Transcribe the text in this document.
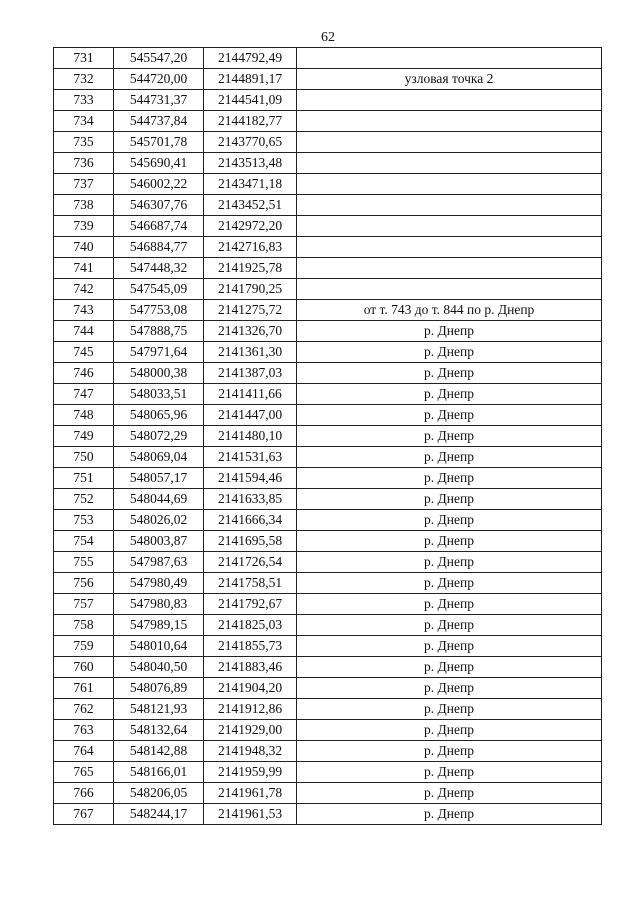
62
731	545547,20	2144792,49	
732	544720,00	2144891,17	узловая точка 2
733	544731,37	2144541,09	
734	544737,84	2144182,77	
735	545701,78	2143770,65	
736	545690,41	2143513,48	
737	546002,22	2143471,18	
738	546307,76	2143452,51	
739	546687,74	2142972,20	
740	546884,77	2142716,83	
741	547448,32	2141925,78	
742	547545,09	2141790,25	
743	547753,08	2141275,72	от т. 743 до т. 844 по р. Днепр
744	547888,75	2141326,70	р. Днепр
745	547971,64	2141361,30	р. Днепр
746	548000,38	2141387,03	р. Днепр
747	548033,51	2141411,66	р. Днепр
748	548065,96	2141447,00	р. Днепр
749	548072,29	2141480,10	р. Днепр
750	548069,04	2141531,63	р. Днепр
751	548057,17	2141594,46	р. Днепр
752	548044,69	2141633,85	р. Днепр
753	548026,02	2141666,34	р. Днепр
754	548003,87	2141695,58	р. Днепр
755	547987,63	2141726,54	р. Днепр
756	547980,49	2141758,51	р. Днепр
757	547980,83	2141792,67	р. Днепр
758	547989,15	2141825,03	р. Днепр
759	548010,64	2141855,73	р. Днепр
760	548040,50	2141883,46	р. Днепр
761	548076,89	2141904,20	р. Днепр
762	548121,93	2141912,86	р. Днепр
763	548132,64	2141929,00	р. Днепр
764	548142,88	2141948,32	р. Днепр
765	548166,01	2141959,99	р. Днепр
766	548206,05	2141961,78	р. Днепр
767	548244,17	2141961,53	р. Днепр
